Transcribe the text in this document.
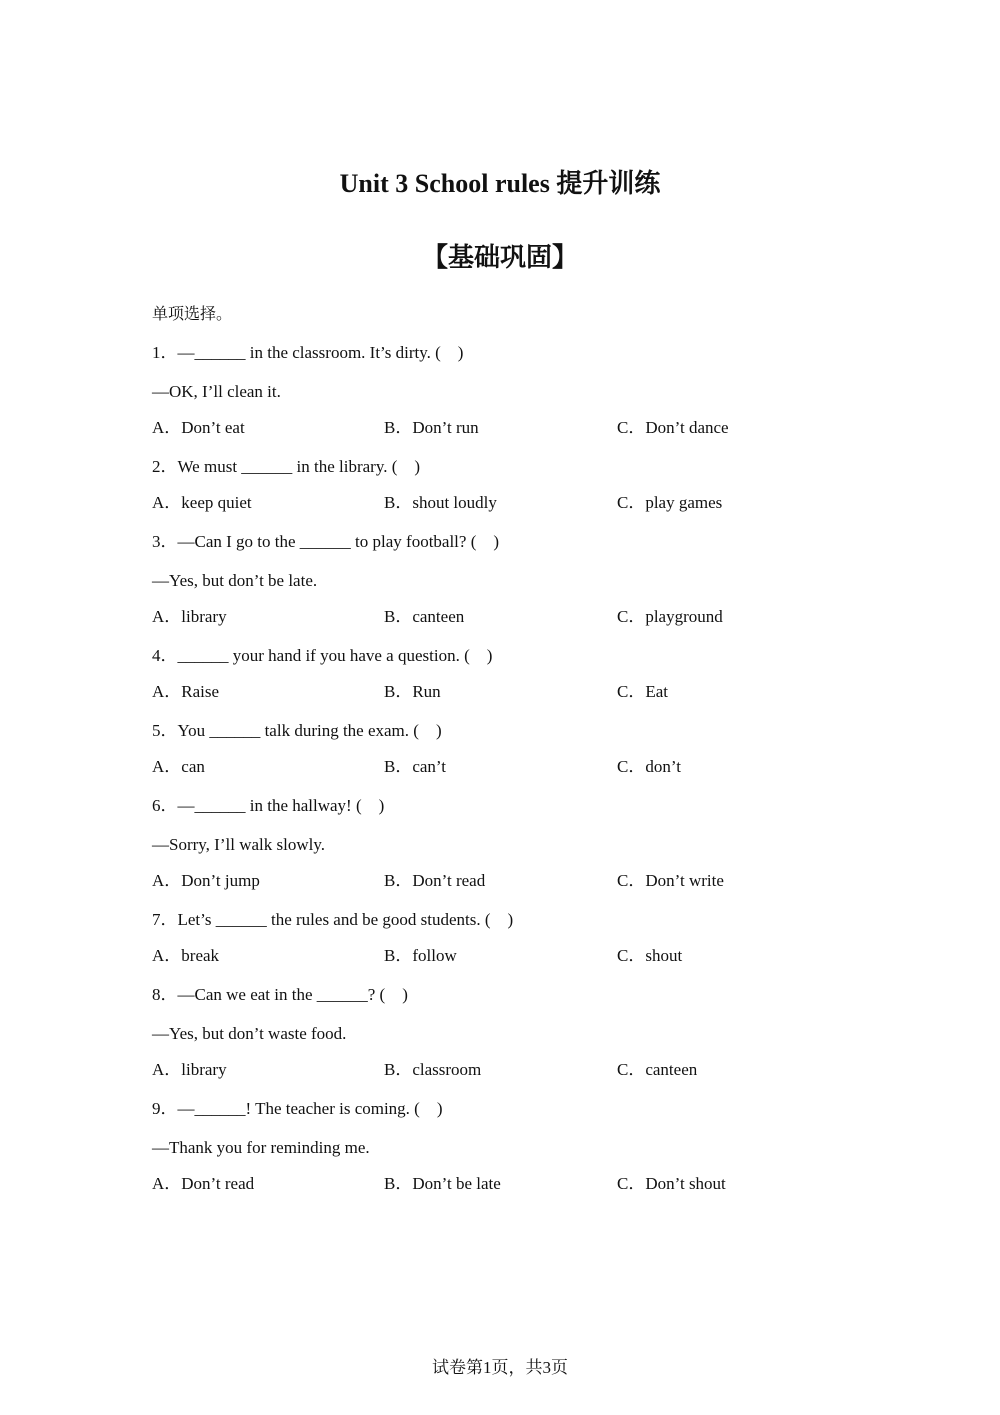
Unit 3 School rules 提升训练
【基础巩固】
单项选择。
1．—______ in the classroom. It’s dirty. (    )
—OK, I’ll clean it.
A．Don’t eat	B．Don’t run	C．Don’t dance
2．We must ______ in the library. (    )
A．keep quiet	B．shout loudly	C．play games
3．—Can I go to the ______ to play football? (    )
—Yes, but don’t be late.
A．library	B．canteen	C．playground
4．______ your hand if you have a question. (    )
A．Raise	B．Run	C．Eat
5．You ______ talk during the exam. (    )
A．can	B．can’t	C．don’t
6．—______ in the hallway! (    )
—Sorry, I’ll walk slowly.
A．Don’t jump	B．Don’t read	C．Don’t write
7．Let’s ______ the rules and be good students. (    )
A．break	B．follow	C．shout
8．—Can we eat in the ______? (    )
—Yes, but don’t waste food.
A．library	B．classroom	C．canteen
9．—______! The teacher is coming. (    )
—Thank you for reminding me.
A．Don’t read	B．Don’t be late	C．Don’t shout
试卷第1页，共3页
